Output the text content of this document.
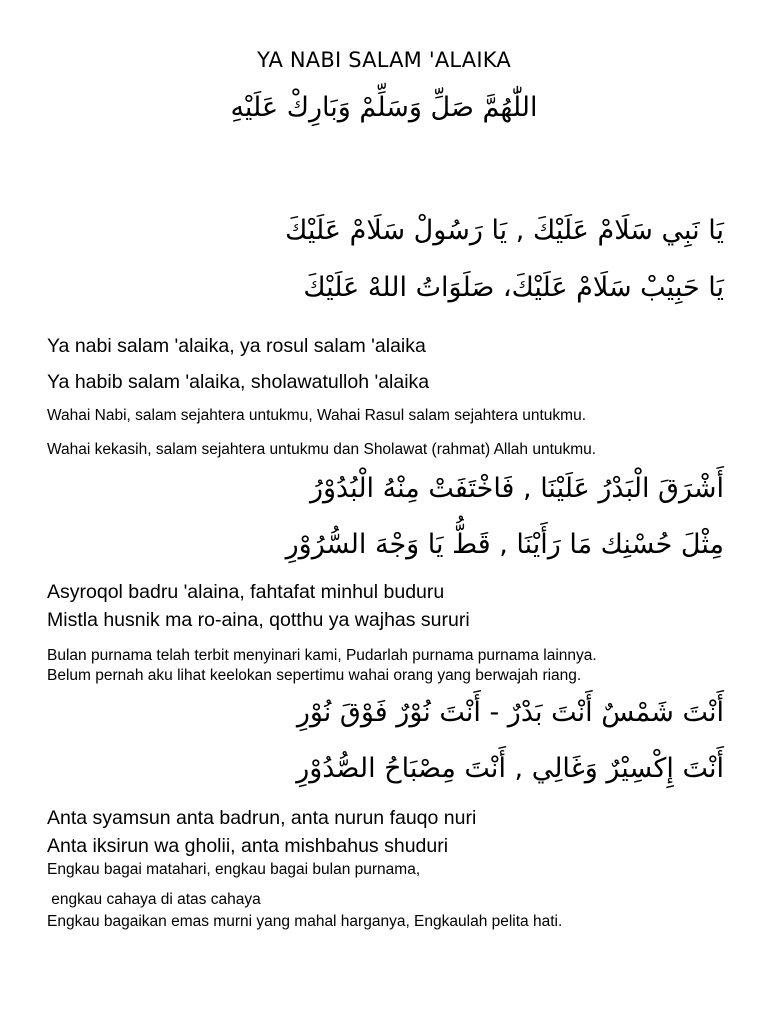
YA NABI SALAM 'ALAIKA
اللّٰهُمَّ صَلِّ وَسَلِّمْ وَبَارِكْ عَلَيْهِ
يَا نَبِي سَلَامْ عَلَيْكَ , يَا رَسُولْ سَلَامْ عَلَيْكَ
يَا حَبِيْبْ سَلَامْ عَلَيْكَ، صَلَوَاتُ اللهْ عَلَيْكَ
Ya nabi salam 'alaika, ya rosul salam 'alaika
Ya habib salam 'alaika, sholawatulloh 'alaika
Wahai Nabi, salam sejahtera untukmu, Wahai Rasul salam sejahtera untukmu.
Wahai kekasih, salam sejahtera untukmu dan Sholawat (rahmat) Allah untukmu.
أَشْرَقَ الْبَدْرُ عَلَيْنَا , فَاخْتَفَتْ مِنْهُ الْبُدُوْرُ
مِثْلَ حُسْنِك مَا رَأَيْنَا , قَطُّ يَا وَجْهَ السُّرُوْرِ
Asyroqol badru 'alaina, fahtafat minhul buduru
Mistla husnik ma ro-aina, qotthu ya wajhas sururi
Bulan purnama telah terbit menyinari kami, Pudarlah purnama purnama lainnya.
Belum pernah aku lihat keelokan sepertimu wahai orang yang berwajah riang.
أَنْتَ شَمْسٌ أَنْتَ بَدْرٌ - أَنْتَ نُوْرٌ فَوْقَ نُوْرِ
أَنْتَ إِكْسِيْرٌ وَغَالِي , أَنْتَ مِصْبَاحُ الصُّدُوْرِ
Anta syamsun anta badrun, anta nurun fauqo nuri
Anta iksirun wa gholii, anta mishbahus shuduri
Engkau bagai matahari, engkau bagai bulan purnama,
engkau cahaya di atas cahaya
Engkau bagaikan emas murni yang mahal harganya, Engkaulah pelita hati.
